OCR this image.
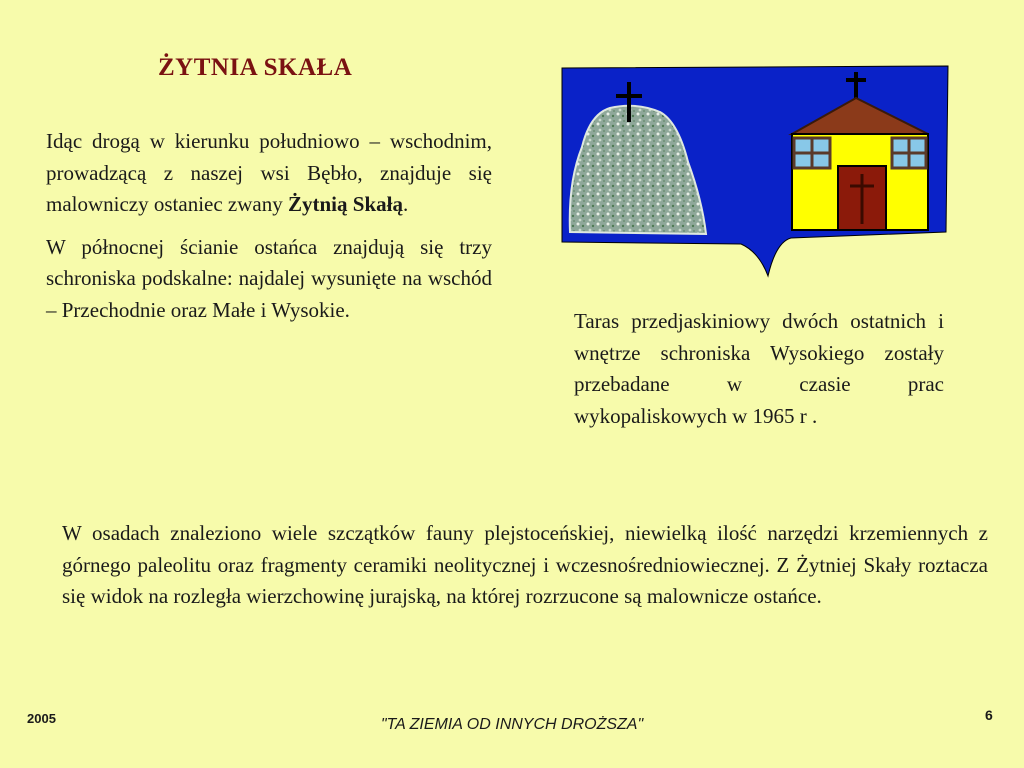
ŻYTNIA SKAŁA

Idąc drogą w kierunku południowo – wschodnim, prowadzącą z naszej wsi Bębło, znajduje się malowniczy ostaniec zwany Żytnią Skałą.

W północnej ścianie ostańca znajdują się trzy schroniska podskalne: najdalej wysunięte na wschód – Przechodnie oraz Małe i Wysokie.	Taras przedjaskiniowy dwóch ostatnich i wnętrze schroniska Wysokiego zostały przebadane w czasie prac wykopaliskowych w 1965 r .
W osadach znaleziono wiele szczątków fauny plejstoceńskiej, niewielką ilość narzędzi krzemiennych z górnego paleolitu oraz fragmenty ceramiki neolitycznej i wczesnośredniowiecznej. Z Żytniej Skały roztacza się widok na rozległa wierzchowinę jurajską, na której rozrzucone są malownicze ostańce.
2005	"TA ZIEMIA OD INNYCH DROŻSZA"
6
